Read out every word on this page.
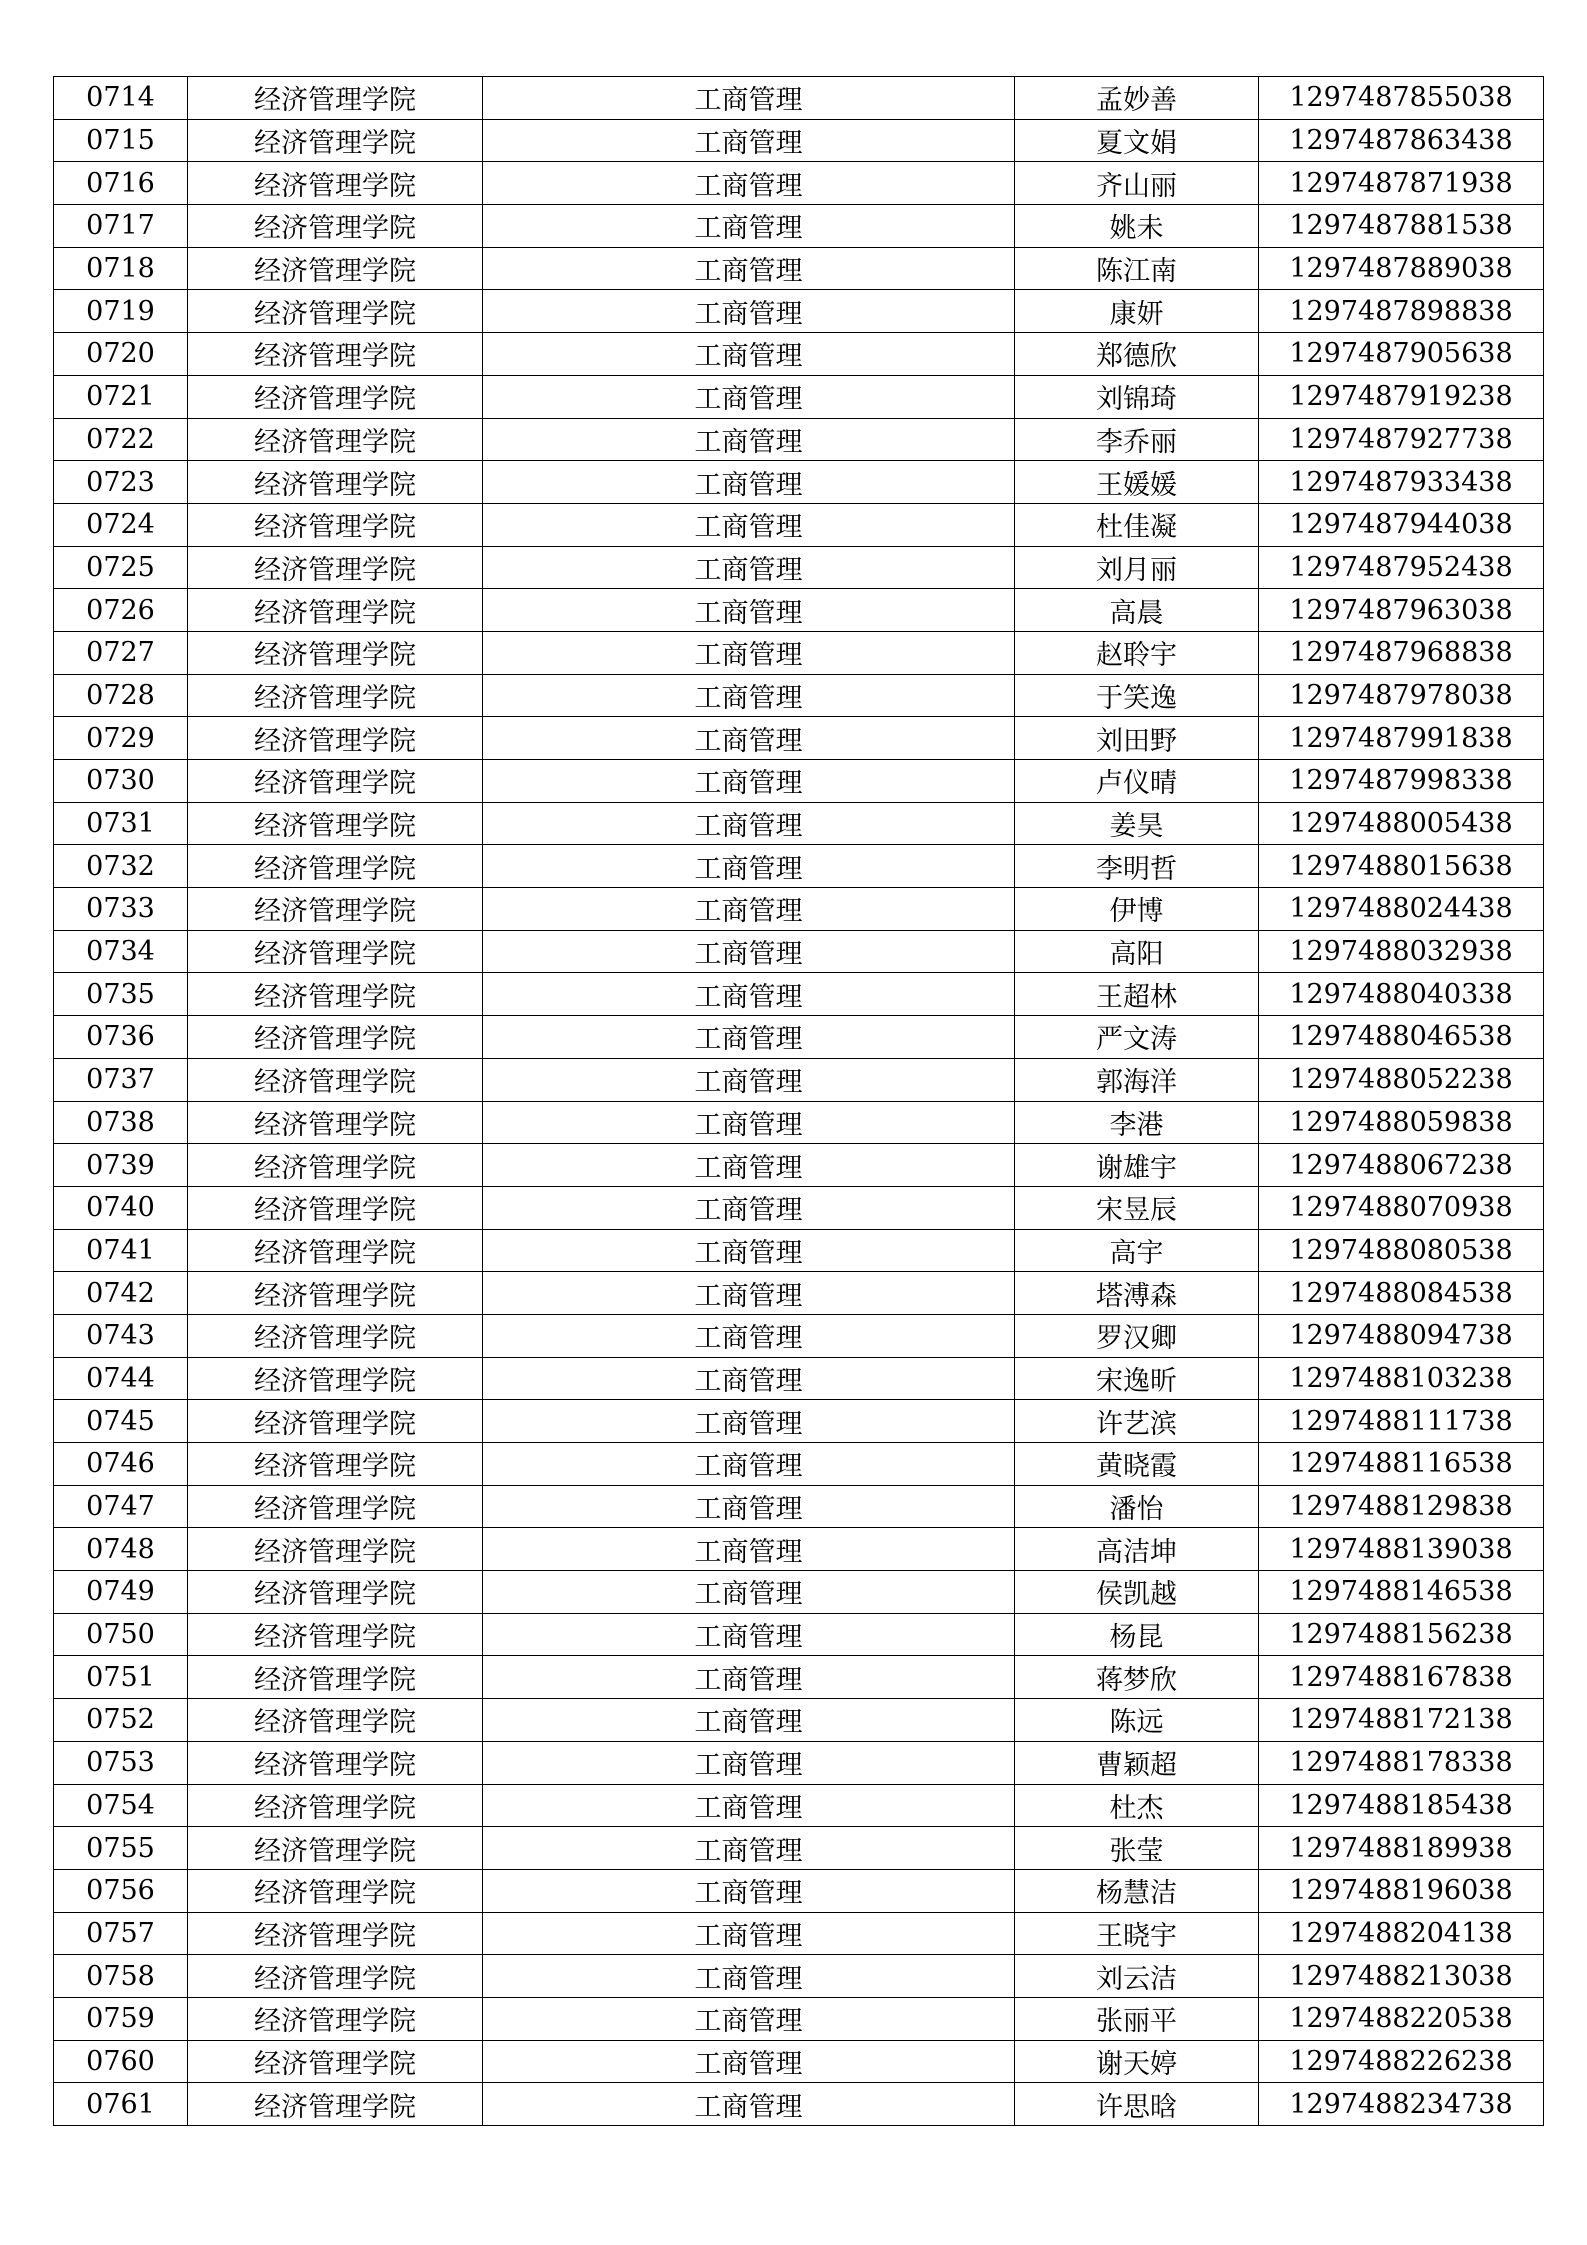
0714	经济管理学院	工商管理	孟妙善	1297487855038
0715	经济管理学院	工商管理	夏文娟	1297487863438
0716	经济管理学院	工商管理	齐山丽	1297487871938
0717	经济管理学院	工商管理	姚未	1297487881538
0718	经济管理学院	工商管理	陈江南	1297487889038
0719	经济管理学院	工商管理	康妍	1297487898838
0720	经济管理学院	工商管理	郑德欣	1297487905638
0721	经济管理学院	工商管理	刘锦琦	1297487919238
0722	经济管理学院	工商管理	李乔丽	1297487927738
0723	经济管理学院	工商管理	王媛媛	1297487933438
0724	经济管理学院	工商管理	杜佳凝	1297487944038
0725	经济管理学院	工商管理	刘月丽	1297487952438
0726	经济管理学院	工商管理	高晨	1297487963038
0727	经济管理学院	工商管理	赵聆宇	1297487968838
0728	经济管理学院	工商管理	于笑逸	1297487978038
0729	经济管理学院	工商管理	刘田野	1297487991838
0730	经济管理学院	工商管理	卢仪晴	1297487998338
0731	经济管理学院	工商管理	姜昊	1297488005438
0732	经济管理学院	工商管理	李明哲	1297488015638
0733	经济管理学院	工商管理	伊博	1297488024438
0734	经济管理学院	工商管理	高阳	1297488032938
0735	经济管理学院	工商管理	王超林	1297488040338
0736	经济管理学院	工商管理	严文涛	1297488046538
0737	经济管理学院	工商管理	郭海洋	1297488052238
0738	经济管理学院	工商管理	李港	1297488059838
0739	经济管理学院	工商管理	谢雄宇	1297488067238
0740	经济管理学院	工商管理	宋昱辰	1297488070938
0741	经济管理学院	工商管理	高宇	1297488080538
0742	经济管理学院	工商管理	塔溥森	1297488084538
0743	经济管理学院	工商管理	罗汉卿	1297488094738
0744	经济管理学院	工商管理	宋逸昕	1297488103238
0745	经济管理学院	工商管理	许艺滨	1297488111738
0746	经济管理学院	工商管理	黄晓霞	1297488116538
0747	经济管理学院	工商管理	潘怡	1297488129838
0748	经济管理学院	工商管理	高洁坤	1297488139038
0749	经济管理学院	工商管理	侯凯越	1297488146538
0750	经济管理学院	工商管理	杨昆	1297488156238
0751	经济管理学院	工商管理	蒋梦欣	1297488167838
0752	经济管理学院	工商管理	陈远	1297488172138
0753	经济管理学院	工商管理	曹颖超	1297488178338
0754	经济管理学院	工商管理	杜杰	1297488185438
0755	经济管理学院	工商管理	张莹	1297488189938
0756	经济管理学院	工商管理	杨慧洁	1297488196038
0757	经济管理学院	工商管理	王晓宇	1297488204138
0758	经济管理学院	工商管理	刘云洁	1297488213038
0759	经济管理学院	工商管理	张丽平	1297488220538
0760	经济管理学院	工商管理	谢天婷	1297488226238
0761	经济管理学院	工商管理	许思晗	1297488234738
